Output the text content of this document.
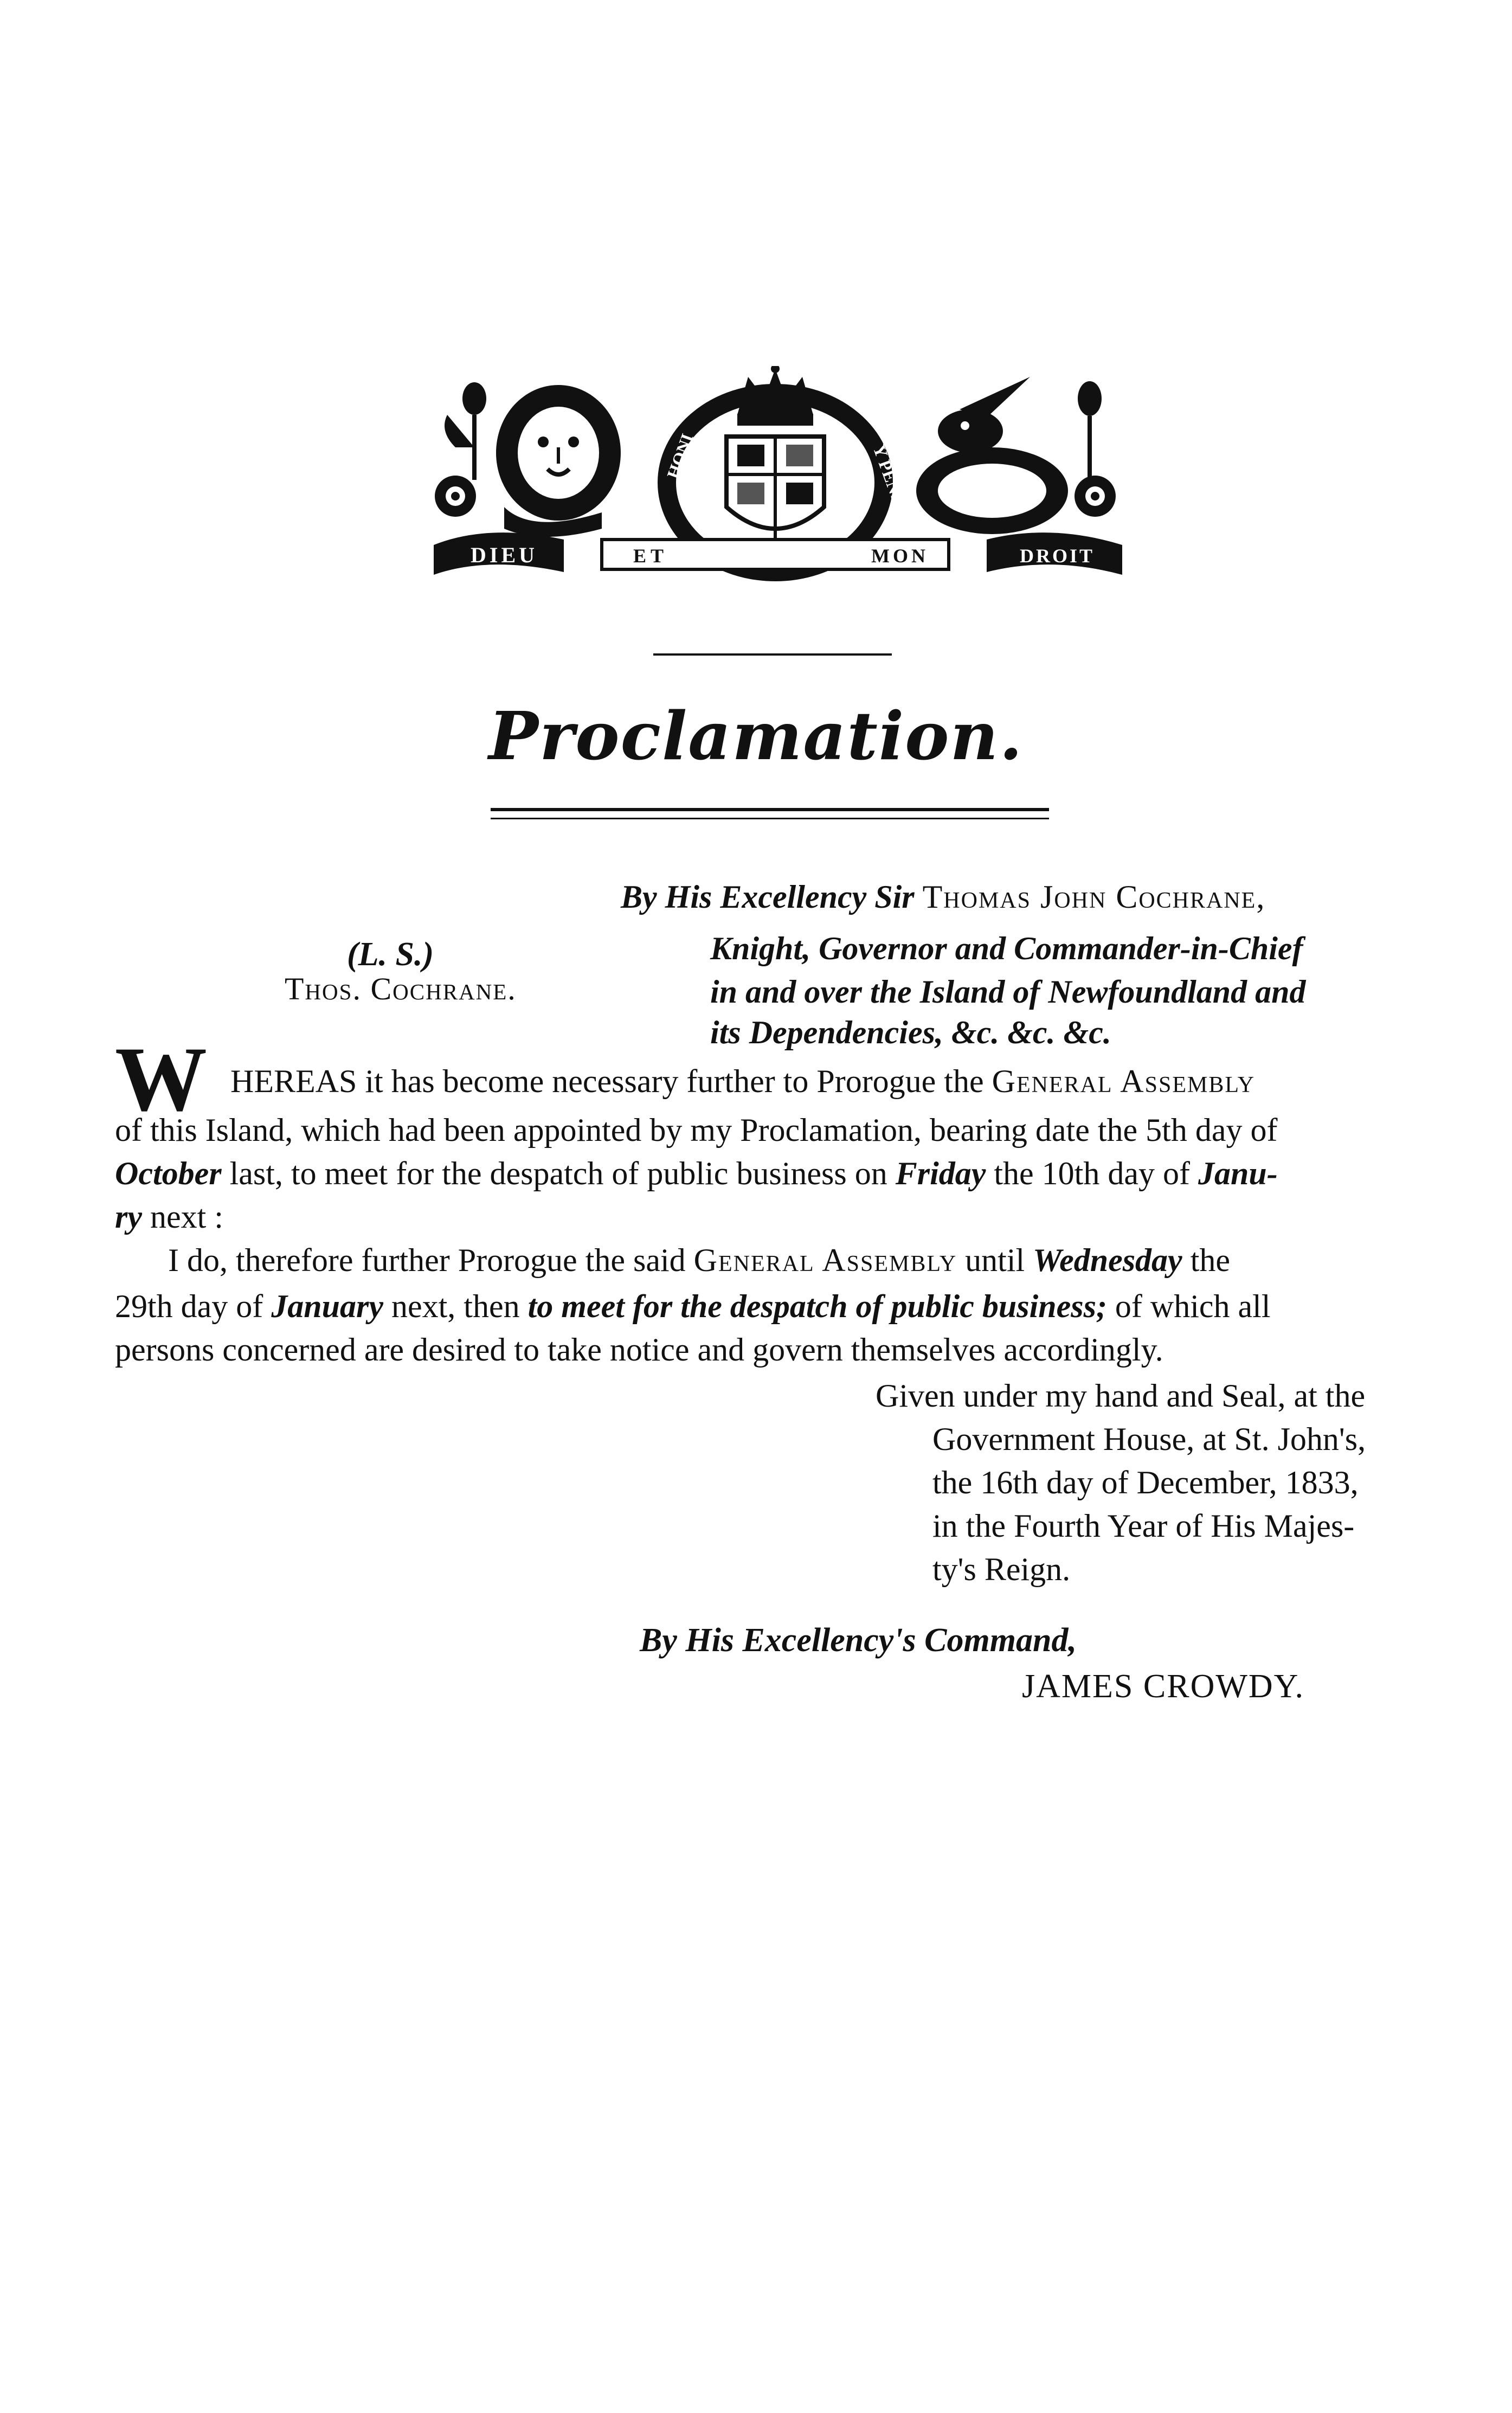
HONI	Y PENSE
DIEU	ET	MON	DROIT
Proclamation.
By His Excellency Sir Thomas John Cochrane,
Knight, Governor and Commander-in-Chief
in and over the Island of Newfoundland and
its Dependencies, &c. &c. &c.
(L. S.)
Thos. Cochrane.
W HEREAS it has become necessary further to Prorogue the General Assembly
of this Island, which had been appointed by my Proclamation, bearing date the 5th day of
October last, to meet for the despatch of public business on Friday the 10th day of Janu-
ry next :
I do, therefore further Prorogue the said General Assembly until Wednesday the
29th day of January next, then to meet for the despatch of public business; of which all
persons concerned are desired to take notice and govern themselves accordingly.
Given under my hand and Seal, at the
Government House, at St. John's,
the 16th day of December, 1833,
in the Fourth Year of His Majes-
ty's Reign.
By His Excellency's Command,
JAMES CROWDY.
